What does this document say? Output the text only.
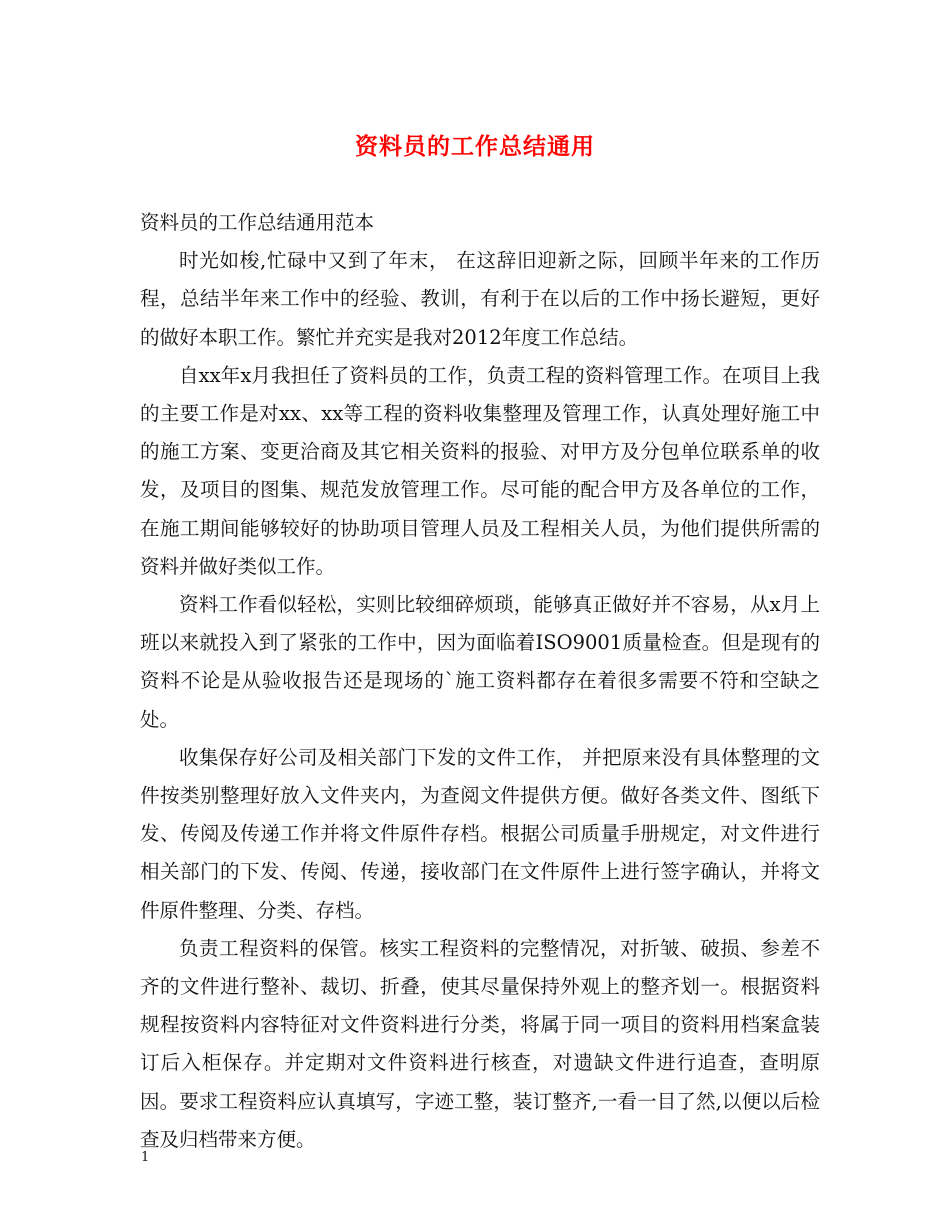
资料员的工作总结通用

资料员的工作总结通用范本

时光如梭,忙碌中又到了年末， 在这辞旧迎新之际，回顾半年来的工作历程，总结半年来工作中的经验、教训，有利于在以后的工作中扬长避短，更好的做好本职工作。繁忙并充实是我对2012年度工作总结。

自xx年x月我担任了资料员的工作，负责工程的资料管理工作。在项目上我的主要工作是对xx、xx等工程的资料收集整理及管理工作，认真处理好施工中的施工方案、变更洽商及其它相关资料的报验、对甲方及分包单位联系单的收发，及项目的图集、规范发放管理工作。尽可能的配合甲方及各单位的工作，在施工期间能够较好的协助项目管理人员及工程相关人员，为他们提供所需的资料并做好类似工作。

资料工作看似轻松，实则比较细碎烦琐，能够真正做好并不容易，从x月上班以来就投入到了紧张的工作中，因为面临着ISO9001质量检查。但是现有的资料不论是从验收报告还是现场的`施工资料都存在着很多需要不符和空缺之处。

收集保存好公司及相关部门下发的文件工作， 并把原来没有具体整理的文件按类别整理好放入文件夹内，为查阅文件提供方便。做好各类文件、图纸下发、传阅及传递工作并将文件原件存档。根据公司质量手册规定，对文件进行相关部门的下发、传阅、传递，接收部门在文件原件上进行签字确认，并将文件原件整理、分类、存档。

负责工程资料的保管。核实工程资料的完整情况，对折皱、破损、参差不齐的文件进行整补、裁切、折叠，使其尽量保持外观上的整齐划一。根据资料规程按资料内容特征对文件资料进行分类，将属于同一项目的资料用档案盒装订后入柜保存。并定期对文件资料进行核查，对遗缺文件进行追查，查明原因。要求工程资料应认真填写，字迹工整，装订整齐,一看一目了然,以便以后检查及归档带来方便。

1
